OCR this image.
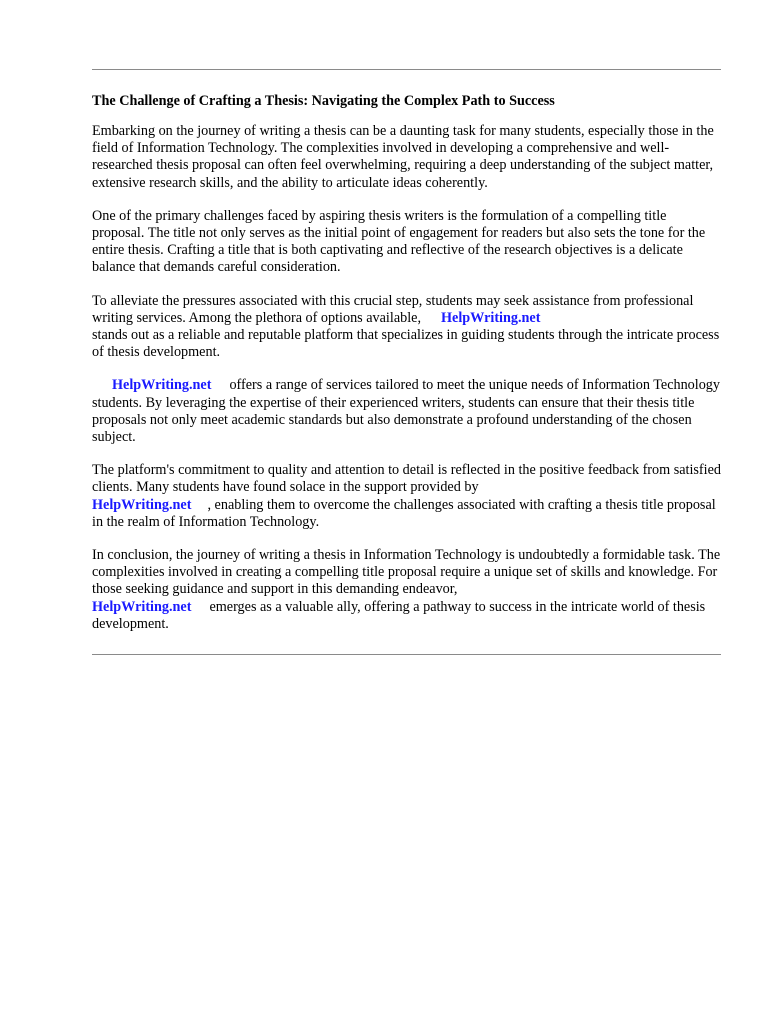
The Challenge of Crafting a Thesis: Navigating the Complex Path to Success

Embarking on the journey of writing a thesis can be a daunting task for many students, especially those in the field of Information Technology. The complexities involved in developing a comprehensive and well-researched thesis proposal can often feel overwhelming, requiring a deep understanding of the subject matter, extensive research skills, and the ability to articulate ideas coherently.

One of the primary challenges faced by aspiring thesis writers is the formulation of a compelling title proposal. The title not only serves as the initial point of engagement for readers but also sets the tone for the entire thesis. Crafting a title that is both captivating and reflective of the research objectives is a delicate balance that demands careful consideration.

To alleviate the pressures associated with this crucial step, students may seek assistance from professional writing services. Among the plethora of options available, HelpWriting.net
stands out as a reliable and reputable platform that specializes in guiding students through the intricate process of thesis development.

HelpWriting.net offers a range of services tailored to meet the unique needs of Information Technology students. By leveraging the expertise of their experienced writers, students can ensure that their thesis title proposals not only meet academic standards but also demonstrate a profound understanding of the chosen subject.

The platform's commitment to quality and attention to detail is reflected in the positive feedback from satisfied clients. Many students have found solace in the support provided by
HelpWriting.net , enabling them to overcome the challenges associated with crafting a thesis title proposal in the realm of Information Technology.

In conclusion, the journey of writing a thesis in Information Technology is undoubtedly a formidable task. The complexities involved in creating a compelling title proposal require a unique set of skills and knowledge. For those seeking guidance and support in this demanding endeavor,
HelpWriting.net emerges as a valuable ally, offering a pathway to success in the intricate world of thesis development.
